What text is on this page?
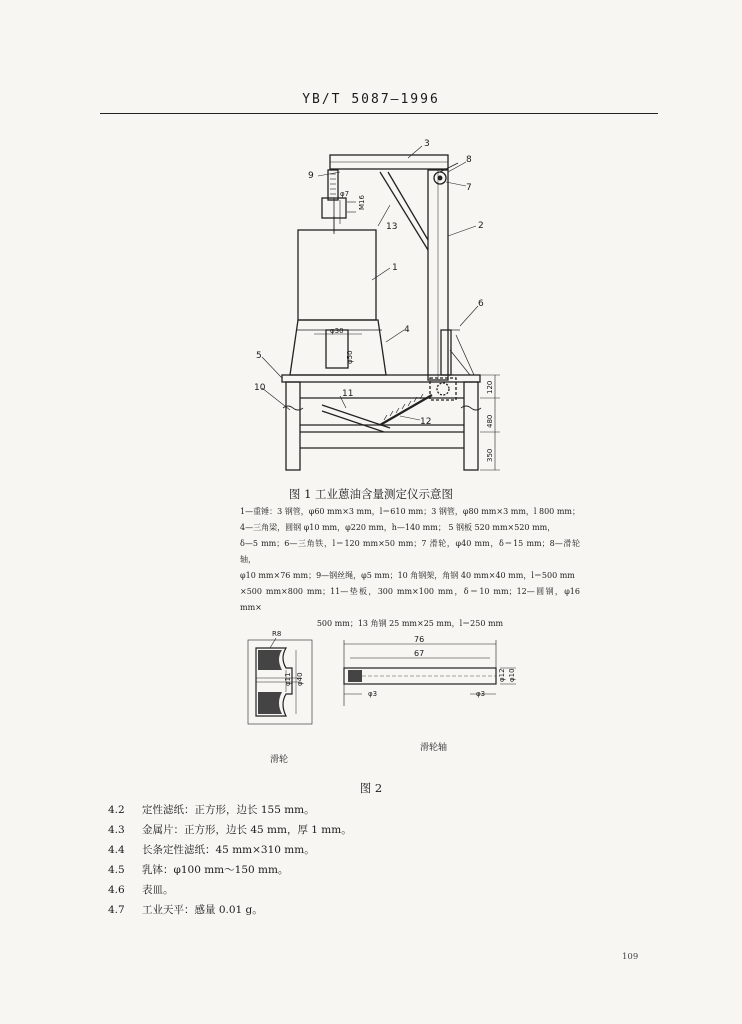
YB/T 5087—1996
3
8
7
9
2
13
1
4
6
5
10
11
12
φ30
φ50
M16
φ7
120
480
350
图 1 工业蒽油含量测定仪示意图
1—重锤：3 钢管，φ60 mm×3 mm，l＝610 mm；3 钢管，φ80 mm×3 mm，l 800 mm；
4—三角梁，圆钢 φ10 mm，φ220 mm，h—140 mm； 5 钢板 520 mm×520 mm，
δ—5 mm；6—三角铁，l＝120 mm×50 mm；7 滑轮，φ40 mm，δ＝15 mm；8—滑轮轴，
φ10 mm×76 mm；9—钢丝绳，φ5 mm；10 角钢架，角钢 40 mm×40 mm，l＝500 mm
×500 mm×800 mm；11—垫板，300 mm×100 mm，δ＝10 mm；12—圆钢，φ16 mm×
500 mm；13 角钢 25 mm×25 mm，l＝250 mm
R8
φ11 φ40
76
67
φ3	φ3
φ12 φ10
滑轮
滑轮轴
图 2
4.2	定性滤纸：正方形，边长 155 mm。
4.3	金属片：正方形，边长 45 mm，厚 1 mm。
4.4	长条定性滤纸：45 mm×310 mm。
4.5	乳钵：φ100 mm～150 mm。
4.6	表皿。
4.7	工业天平：感量 0.01 g。
109
